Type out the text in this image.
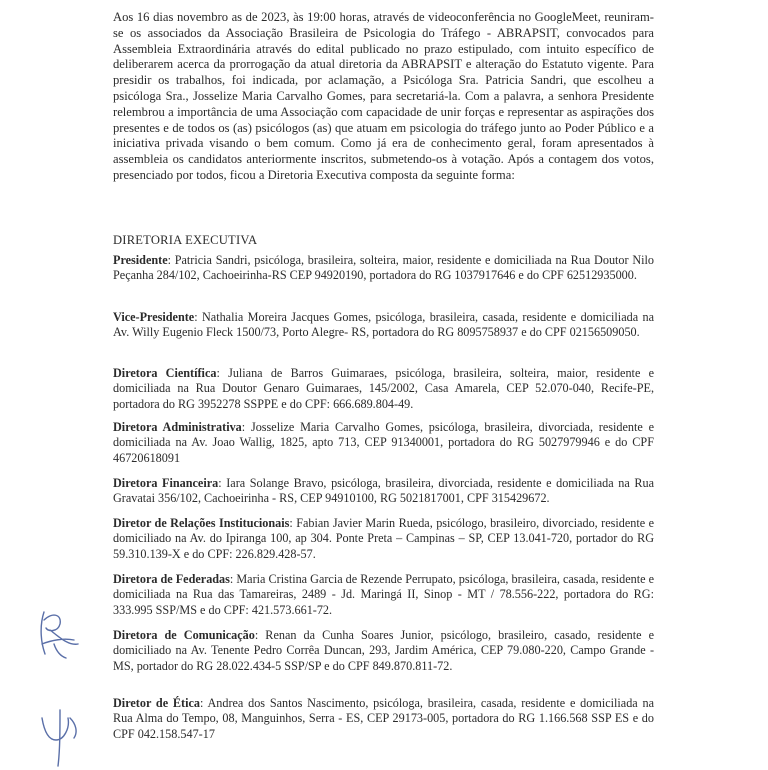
Aos 16 dias novembro as de 2023, às 19:00 horas, através de videoconferência no GoogleMeet, reuniram-se os associados da Associação Brasileira de Psicologia do Tráfego - ABRAPSIT, convocados para Assembleia Extraordinária através do edital publicado no prazo estipulado, com intuito específico de deliberarem acerca da prorrogação da atual diretoria da ABRAPSIT e alteração do Estatuto vigente. Para presidir os trabalhos, foi indicada, por aclamação, a Psicóloga Sra. Patricia Sandri, que escolheu a psicóloga Sra., Josselize Maria Carvalho Gomes, para secretariá-la. Com a palavra, a senhora Presidente relembrou a importância de uma Associação com capacidade de unir forças e representar as aspirações dos presentes e de todos os (as) psicólogos (as) que atuam em psicologia do tráfego junto ao Poder Público e a iniciativa privada visando o bem comum. Como já era de conhecimento geral, foram apresentados à assembleia os candidatos anteriormente inscritos, submetendo-os à votação. Após a contagem dos votos, presenciado por todos, ficou a Diretoria Executiva composta da seguinte forma:

DIRETORIA EXECUTIVA

Presidente: Patricia Sandri, psicóloga, brasileira, solteira, maior, residente e domiciliada na Rua Doutor Nilo Peçanha 284/102, Cachoeirinha-RS CEP 94920190, portadora do RG 1037917646 e do CPF 62512935000.

Vice-Presidente: Nathalia Moreira Jacques Gomes, psicóloga, brasileira, casada, residente e domiciliada na Av. Willy Eugenio Fleck 1500/73, Porto Alegre- RS, portadora do RG 8095758937 e do CPF 02156509050.

Diretora Científica: Juliana de Barros Guimaraes, psicóloga, brasileira, solteira, maior, residente e domiciliada na Rua Doutor Genaro Guimaraes, 145/2002, Casa Amarela, CEP 52.070-040, Recife-PE, portadora do RG 3952278 SSPPE e do CPF: 666.689.804-49.

Diretora Administrativa: Josselize Maria Carvalho Gomes, psicóloga, brasileira, divorciada, residente e domiciliada na Av. Joao Wallig, 1825, apto 713, CEP 91340001, portadora do RG 5027979946 e do CPF 46720618091

Diretora Financeira: Iara Solange Bravo, psicóloga, brasileira, divorciada, residente e domiciliada na Rua Gravatai 356/102, Cachoeirinha - RS, CEP 94910100, RG 5021817001, CPF 315429672.

Diretor de Relações Institucionais: Fabian Javier Marin Rueda, psicólogo, brasileiro, divorciado, residente e domiciliado na Av. do Ipiranga 100, ap 304. Ponte Preta – Campinas – SP, CEP 13.041-720, portador do RG 59.310.139-X e do CPF: 226.829.428-57.

Diretora de Federadas: Maria Cristina Garcia de Rezende Perrupato, psicóloga, brasileira, casada, residente e domiciliada na Rua das Tamareiras, 2489 - Jd. Maringá II, Sinop - MT / 78.556-222, portadora do RG: 333.995 SSP/MS e do CPF: 421.573.661-72.

Diretora de Comunicação: Renan da Cunha Soares Junior, psicólogo, brasileiro, casado, residente e domiciliado na Av. Tenente Pedro Corrêa Duncan, 293, Jardim América, CEP 79.080-220, Campo Grande - MS, portador do RG 28.022.434-5 SSP/SP e do CPF 849.870.811-72.

Diretor de Ética: Andrea dos Santos Nascimento, psicóloga, brasileira, casada, residente e domiciliada na Rua Alma do Tempo, 08, Manguinhos, Serra - ES, CEP 29173-005, portadora do RG 1.166.568 SSP ES e do CPF 042.158.547-17
